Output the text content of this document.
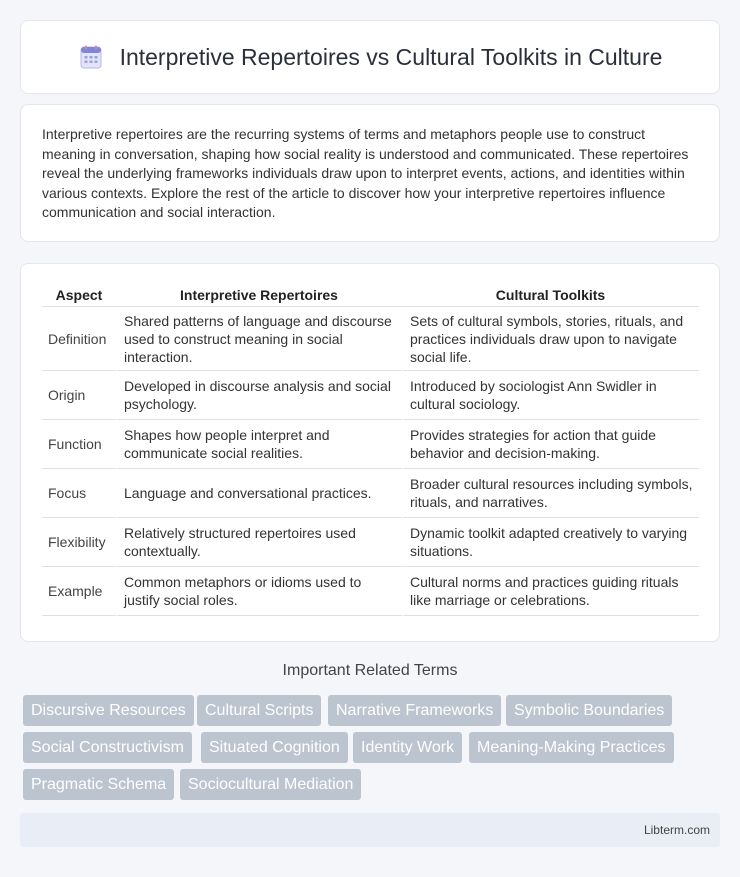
Interpretive Repertoires vs Cultural Toolkits in Culture

Interpretive repertoires are the recurring systems of terms and metaphors people use to construct meaning in conversation, shaping how social reality is understood and communicated. These repertoires reveal the underlying frameworks individuals draw upon to interpret events, actions, and identities within various contexts. Explore the rest of the article to discover how your interpretive repertoires influence communication and social interaction.

Aspect	Interpretive Repertoires	Cultural Toolkits
Definition	Shared patterns of language and discourse used to construct meaning in social interaction.	Sets of cultural symbols, stories, rituals, and practices individuals draw upon to navigate social life.
Origin	Developed in discourse analysis and social psychology.	Introduced by sociologist Ann Swidler in cultural sociology.
Function	Shapes how people interpret and communicate social realities.	Provides strategies for action that guide behavior and decision-making.
Focus	Language and conversational practices.	Broader cultural resources including symbols, rituals, and narratives.
Flexibility	Relatively structured repertoires used contextually.	Dynamic toolkit adapted creatively to varying situations.
Example	Common metaphors or idioms used to justify social roles.	Cultural norms and practices guiding rituals like marriage or celebrations.
Important Related Terms
Discursive Resources	Cultural Scripts	Narrative Frameworks	Symbolic Boundaries
Social Constructivism	Situated Cognition	Identity Work	Meaning-Making Practices
Pragmatic Schema	Sociocultural Mediation
Libterm.com
